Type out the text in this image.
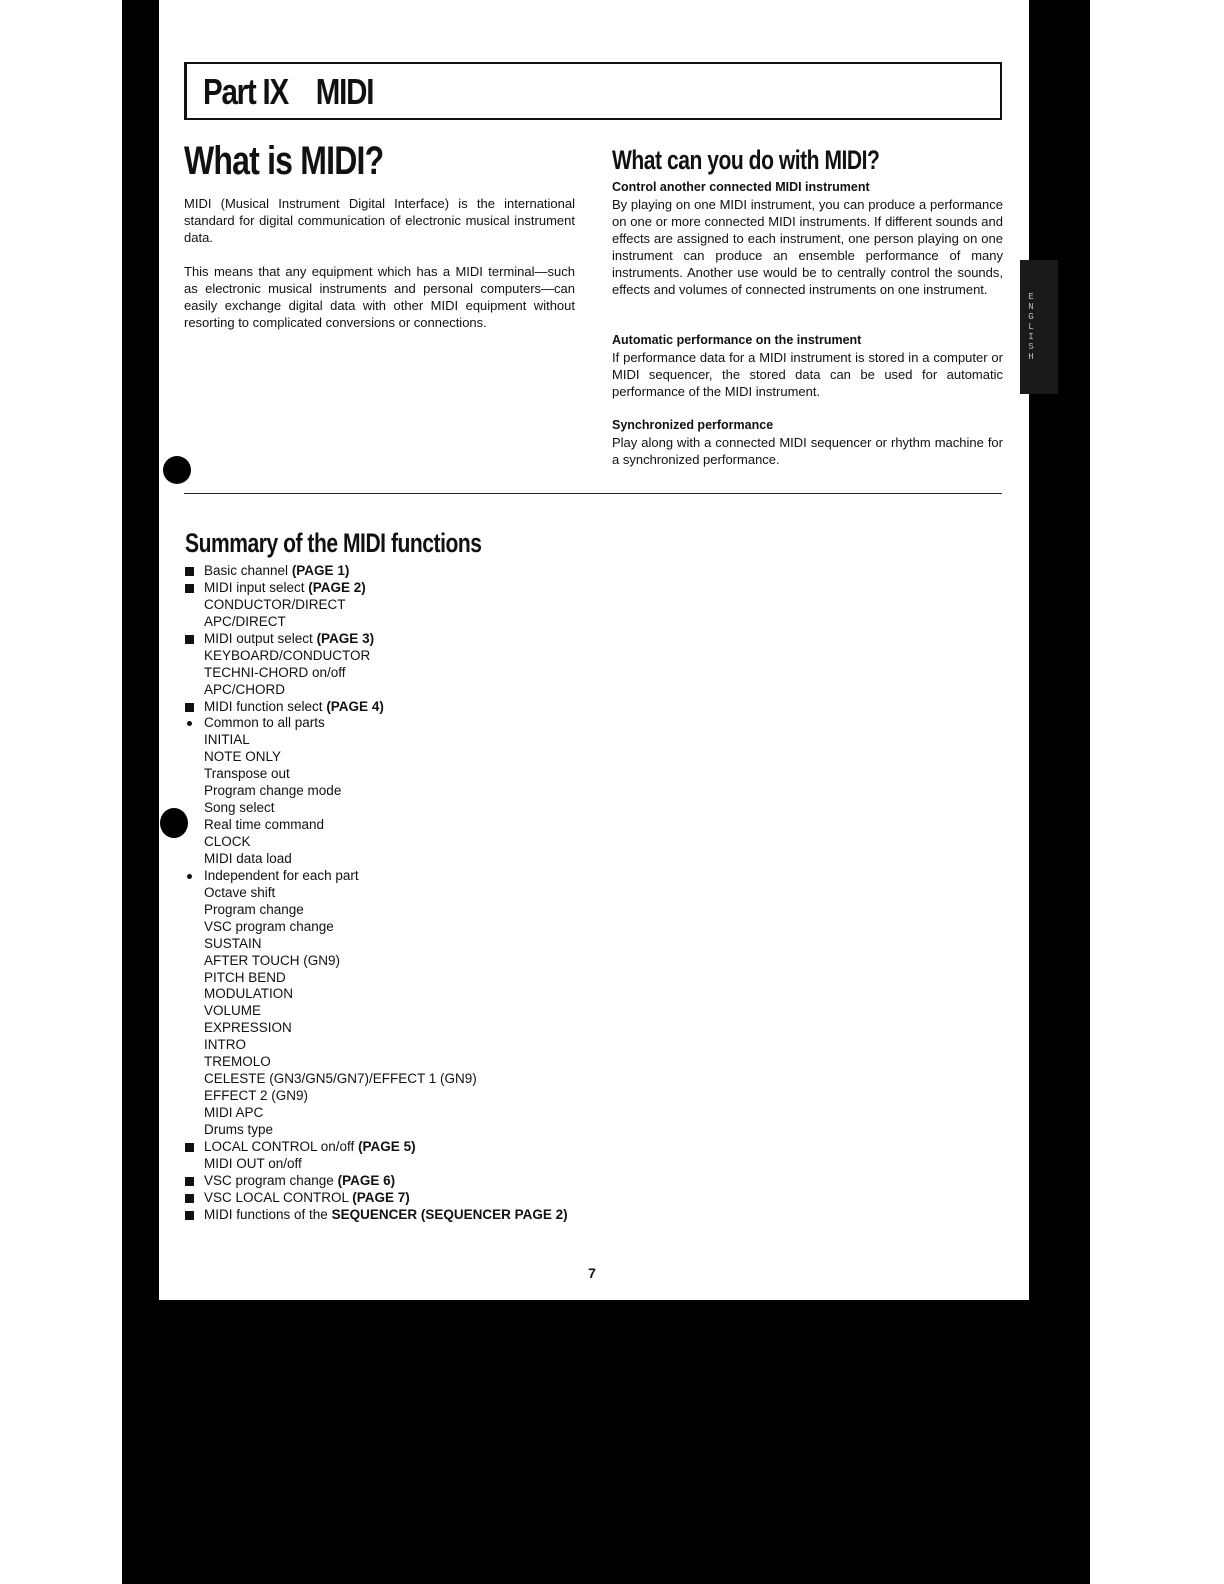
E
N
G
L
I
S
H
Part IX MIDI
What is MIDI?

MIDI (Musical Instrument Digital Interface) is the international standard for digital communication of electronic musical instrument data.

This means that any equipment which has a MIDI terminal—such as electronic musical instruments and personal computers—can easily exchange digital data with other MIDI equipment without resorting to complicated conversions or connections.

What can you do with MIDI?
Control another connected MIDI instrument

By playing on one MIDI instrument, you can produce a performance on one or more connected MIDI instruments. If different sounds and effects are assigned to each instrument, one person playing on one instrument can produce an ensemble performance of many instruments. Another use would be to centrally control the sounds, effects and volumes of connected instruments on one instrument.

Automatic performance on the instrument

If performance data for a MIDI instrument is stored in a computer or MIDI sequencer, the stored data can be used for automatic performance of the MIDI instrument.

Synchronized performance

Play along with a connected MIDI sequencer or rhythm machine for a synchronized performance.

Summary of the MIDI functions
Basic channel (PAGE 1)
MIDI input select (PAGE 2)
CONDUCTOR/DIRECT
APC/DIRECT
MIDI output select (PAGE 3)
KEYBOARD/CONDUCTOR
TECHNI-CHORD on/off
APC/CHORD
MIDI function select (PAGE 4)
Common to all parts
INITIAL
NOTE ONLY
Transpose out
Program change mode
Song select
Real time command
CLOCK
MIDI data load
Independent for each part
Octave shift
Program change
VSC program change
SUSTAIN
AFTER TOUCH (GN9)
PITCH BEND
MODULATION
VOLUME
EXPRESSION
INTRO
TREMOLO
CELESTE (GN3/GN5/GN7)/EFFECT 1 (GN9)
EFFECT 2 (GN9)
MIDI APC
Drums type
LOCAL CONTROL on/off (PAGE 5)
MIDI OUT on/off
VSC program change (PAGE 6)
VSC LOCAL CONTROL (PAGE 7)
MIDI functions of the SEQUENCER (SEQUENCER PAGE 2)
7
